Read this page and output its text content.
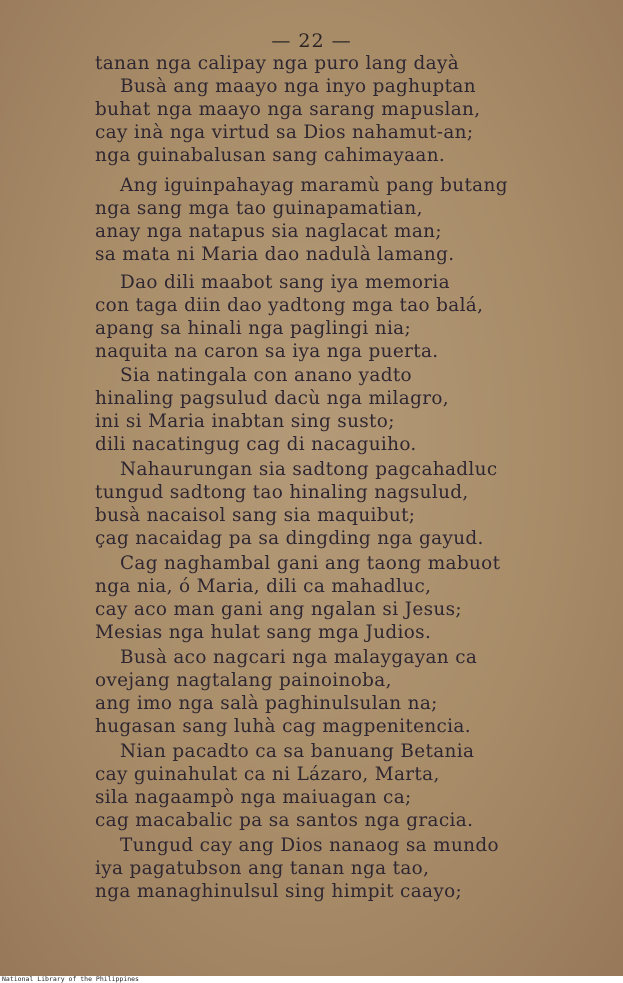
— 22 —
tanan nga calipay nga puro lang dayà
Busà ang maayo nga inyo paghuptan
buhat nga maayo nga sarang mapuslan,
cay inà nga virtud sa Dios nahamut-an;
nga guinabalusan sang cahimayaan.
Ang iguinpahayag maramù pang butang
nga sang mga tao guinapamatian,
anay nga natapus sia naglacat man;
sa mata ni Maria dao nadulà lamang.
Dao dili maabot sang iya memoria
con taga diin dao yadtong mga tao balá,
apang sa hinali nga paglingi nia;
naquita na caron sa iya nga puerta.
Sia natingala con anano yadto
hinaling pagsulud dacù nga milagro,
ini si Maria inabtan sing susto;
dili nacatingug cag di nacaguiho.
Nahaurungan sia sadtong pagcahadluc
tungud sadtong tao hinaling nagsulud,
busà nacaisol sang sia maquibut;
çag nacaidag pa sa dingding nga gayud.
Cag naghambal gani ang taong mabuot
nga nia, ó Maria, dili ca mahadluc,
cay aco man gani ang ngalan si Jesus;
Mesias nga hulat sang mga Judios.
Busà aco nagcari nga malaygayan ca
ovejang nagtalang painoinoba,
ang imo nga salà paghinulsulan na;
hugasan sang luhà cag magpenitencia.
Nian pacadto ca sa banuang Betania
cay guinahulat ca ni Lázaro, Marta,
sila nagaampò nga maiuagan ca;
cag macabalic pa sa santos nga gracia.
Tungud cay ang Dios nanaog sa mundo
iya pagatubson ang tanan nga tao,
nga managhinulsul sing himpit caayo;
National Library of the Philippines
